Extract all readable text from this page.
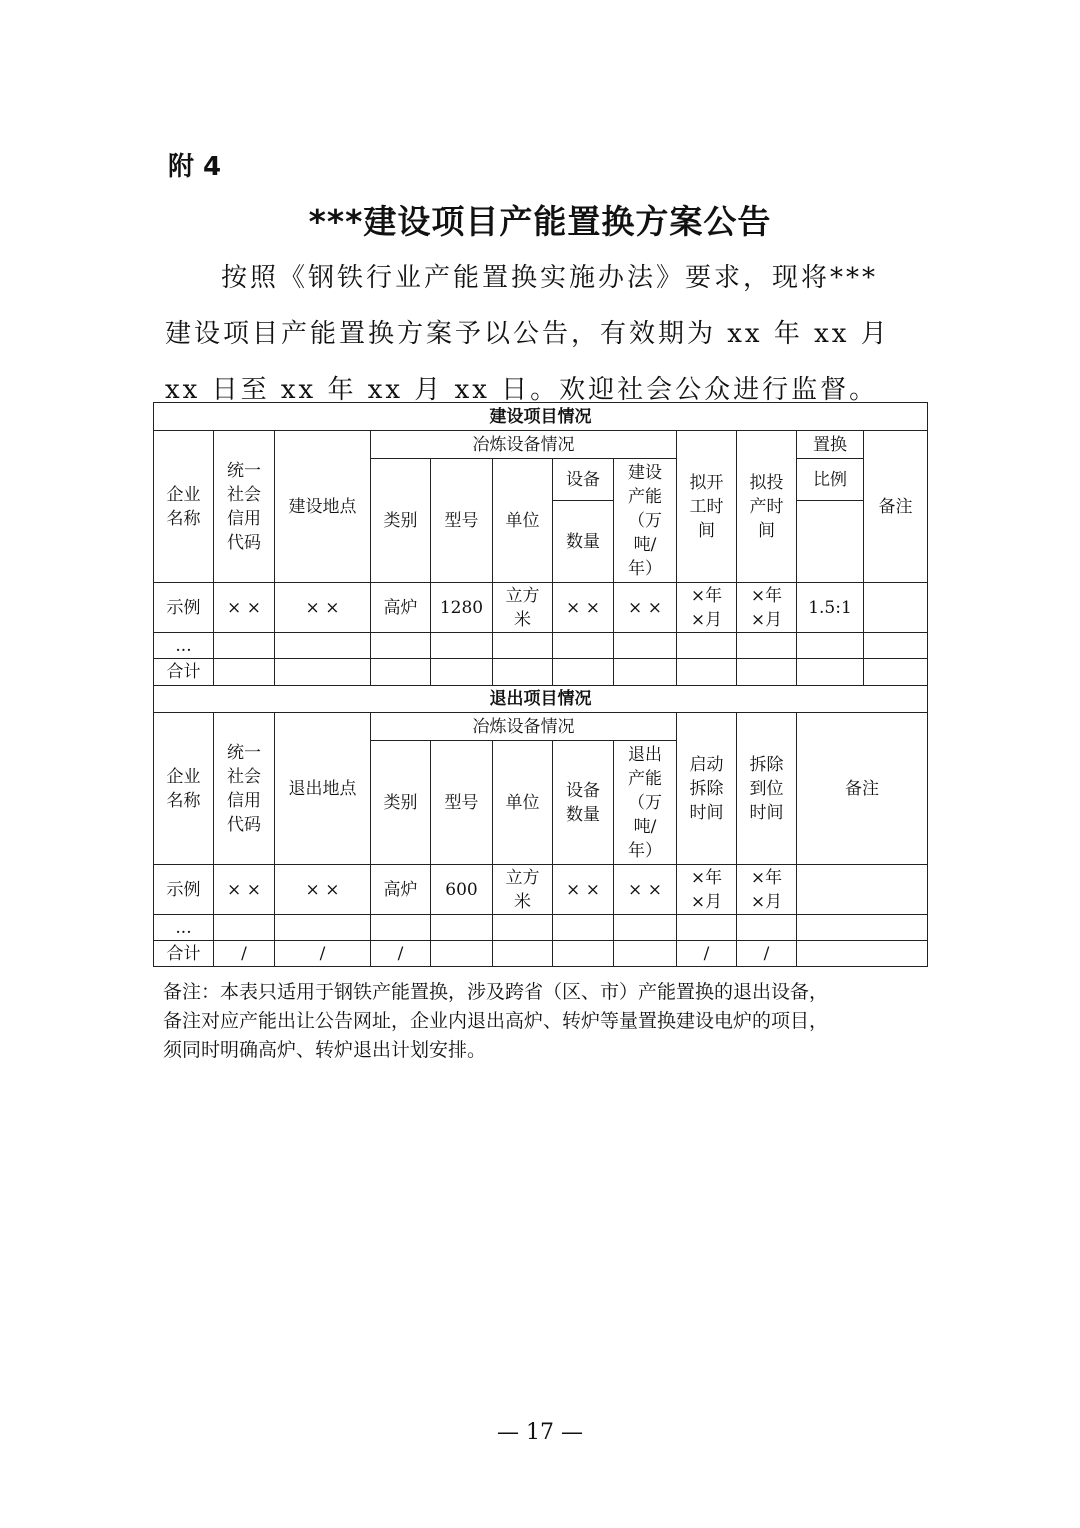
附 4
***建设项目产能置换方案公告

按照《钢铁行业产能置换实施办法》要求，现将***

建设项目产能置换方案予以公告，有效期为 xx 年 xx 月

xx 日至 xx 年 xx 月 xx 日。欢迎社会公众进行监督。

建设项目情况											
企业名称	统一社会信用代码	建设地点	冶炼设备情况					拟开工时间	拟投产时间	置换	备注
			类别	型号	单位	设备	建设产能（万吨/年）			比例	
						数量					
示例	× ×	× ×	高炉	1280	立方米	× ×	× ×	×年×月	×年×月	1.5:1	
...											
合计											
退出项目情况											
企业名称	统一社会信用代码	退出地点	冶炼设备情况					启动拆除时间	拆除到位时间	备注	
			类别	型号	单位	设备数量	退出产能（万吨/年）				
示例	× ×	× ×	高炉	600	立方米	× ×	× ×	×年×月	×年×月		
...											
合计	/	/	/					/	/		

备注：本表只适用于钢铁产能置换，涉及跨省（区、市）产能置换的退出设备，

备注对应产能出让公告网址，企业内退出高炉、转炉等量置换建设电炉的项目，

须同时明确高炉、转炉退出计划安排。

— 17 —
